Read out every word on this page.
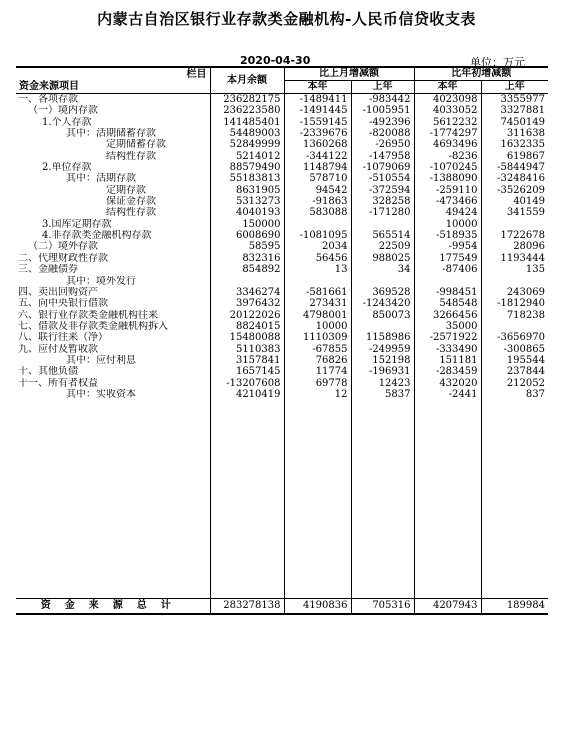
内蒙古自治区银行业存款类金融机构-人民币信贷收支表
2020-04-30	单位：万元
栏目
资金来源项目	本月余额	比上月增减额		比年初增减额	
		本年	上年	本年	上年
一、各项存款	236282175	-1489411	-983442	4023098	3355977
（一）境内存款	236223580	-1491445	-1005951	4033052	3327881
1.个人存款	141485401	-1559145	-492396	5612232	7450149
其中：活期储蓄存款	54489003	-2339676	-820088	-1774297	311638
定期储蓄存款	52849999	1360268	-26950	4693496	1632335
结构性存款	5214012	-344122	-147958	-8236	619867
2.单位存款	88579490	1148794	-1079069	-1070245	-5844947
其中：活期存款	55183813	578710	-510554	-1388090	-3248416
定期存款	8631905	94542	-372594	-259110	-3526209
保证金存款	5313273	-91863	328258	-473466	40149
结构性存款	4040193	583088	-171280	49424	341559
3.国库定期存款	150000			10000	
4.非存款类金融机构存款	6008690	-1081095	565514	-518935	1722678
（二）境外存款	58595	2034	22509	-9954	28096
二、代理财政性存款	832316	56456	988025	177549	1193444
三、金融债券	854892	13	34	-87406	135
其中：境外发行					
四、卖出回购资产	3346274	-581661	369528	-998451	243069
五、向中央银行借款	3976432	273431	-1243420	548548	-1812940
六、银行业存款类金融机构往来	20122026	4798001	850073	3266456	718238
七、借款及非存款类金融机构拆入	8824015	10000		35000	
八、联行往来（净）	15480088	1110309	1158986	-2571922	-3656970
九、应付及暂收款	5110383	-67855	-249959	-333490	-300865
其中：应付利息	3157841	76826	152198	151181	195544
十、其他负债	1657145	11774	-196931	-283459	237844
十一、所有者权益	-13207608	69778	12423	432020	212052
其中：实收资本	4210419	12	5837	-2441	837

资金来源总计	283278138	4190836	705316	4207943	189984
